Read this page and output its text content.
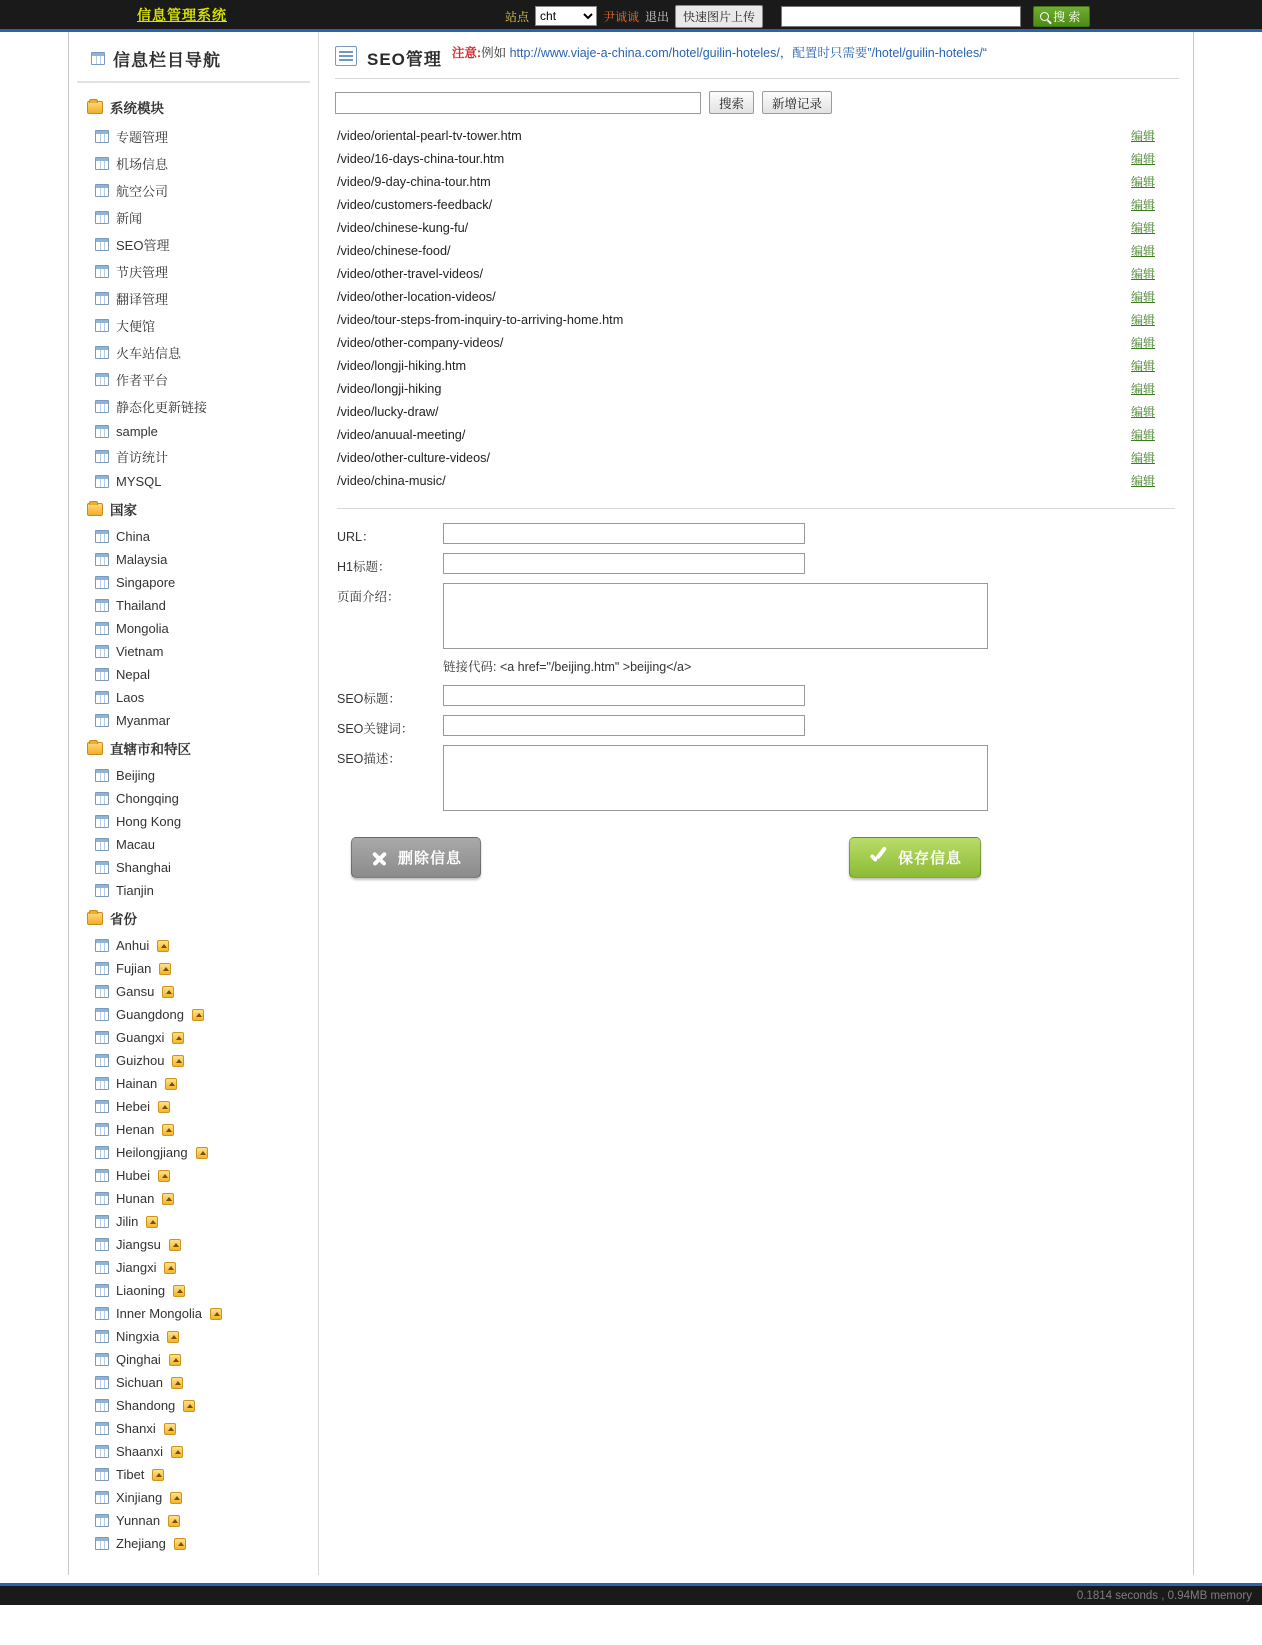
信息管理系统	站点
cht	尹诚诚 退出	快速图片上传	搜 索
信息栏目导航
系统模块
专题管理
机场信息
航空公司
新闻
SEO管理
节庆管理
翻译管理
大便馆
火车站信息
作者平台
静态化更新链接
sample
首访统计
MYSQL
国家
China
Malaysia
Singapore
Thailand
Mongolia
Vietnam
Nepal
Laos
Myanmar
直辖市和特区
Beijing
Chongqing
Hong Kong
Macau
Shanghai
Tianjin
省份
Anhui
Fujian
Gansu
Guangdong
Guangxi
Guizhou
Hainan
Hebei
Henan
Heilongjiang
Hubei
Hunan
Jilin
Jiangsu
Jiangxi
Liaoning
Inner Mongolia
Ningxia
Qinghai
Sichuan
Shandong
Shanxi
Shaanxi
Tibet
Xinjiang
Yunnan
Zhejiang
SEO管理 注意:例如 http://www.viaje-a-china.com/hotel/guilin-hoteles/，配置时只需要”/hotel/guilin-hoteles/“
搜索	新增记录
/video/oriental-pearl-tv-tower.htm	编辑
/video/16-days-china-tour.htm	编辑
/video/9-day-china-tour.htm	编辑
/video/customers-feedback/	编辑
/video/chinese-kung-fu/	编辑
/video/chinese-food/	编辑
/video/other-travel-videos/	编辑
/video/other-location-videos/	编辑
/video/tour-steps-from-inquiry-to-arriving-home.htm	编辑
/video/other-company-videos/	编辑
/video/longji-hiking.htm	编辑
/video/longji-hiking	编辑
/video/lucky-draw/	编辑
/video/anuual-meeting/	编辑
/video/other-culture-videos/	编辑
/video/china-music/	编辑
URL：
H1标题：
页面介绍：
链接代码: <a href="/beijing.htm" >beijing</a>
SEO标题：
SEO关键词：
SEO描述：
删除信息	保存信息
0.1814 seconds , 0.94MB memory
